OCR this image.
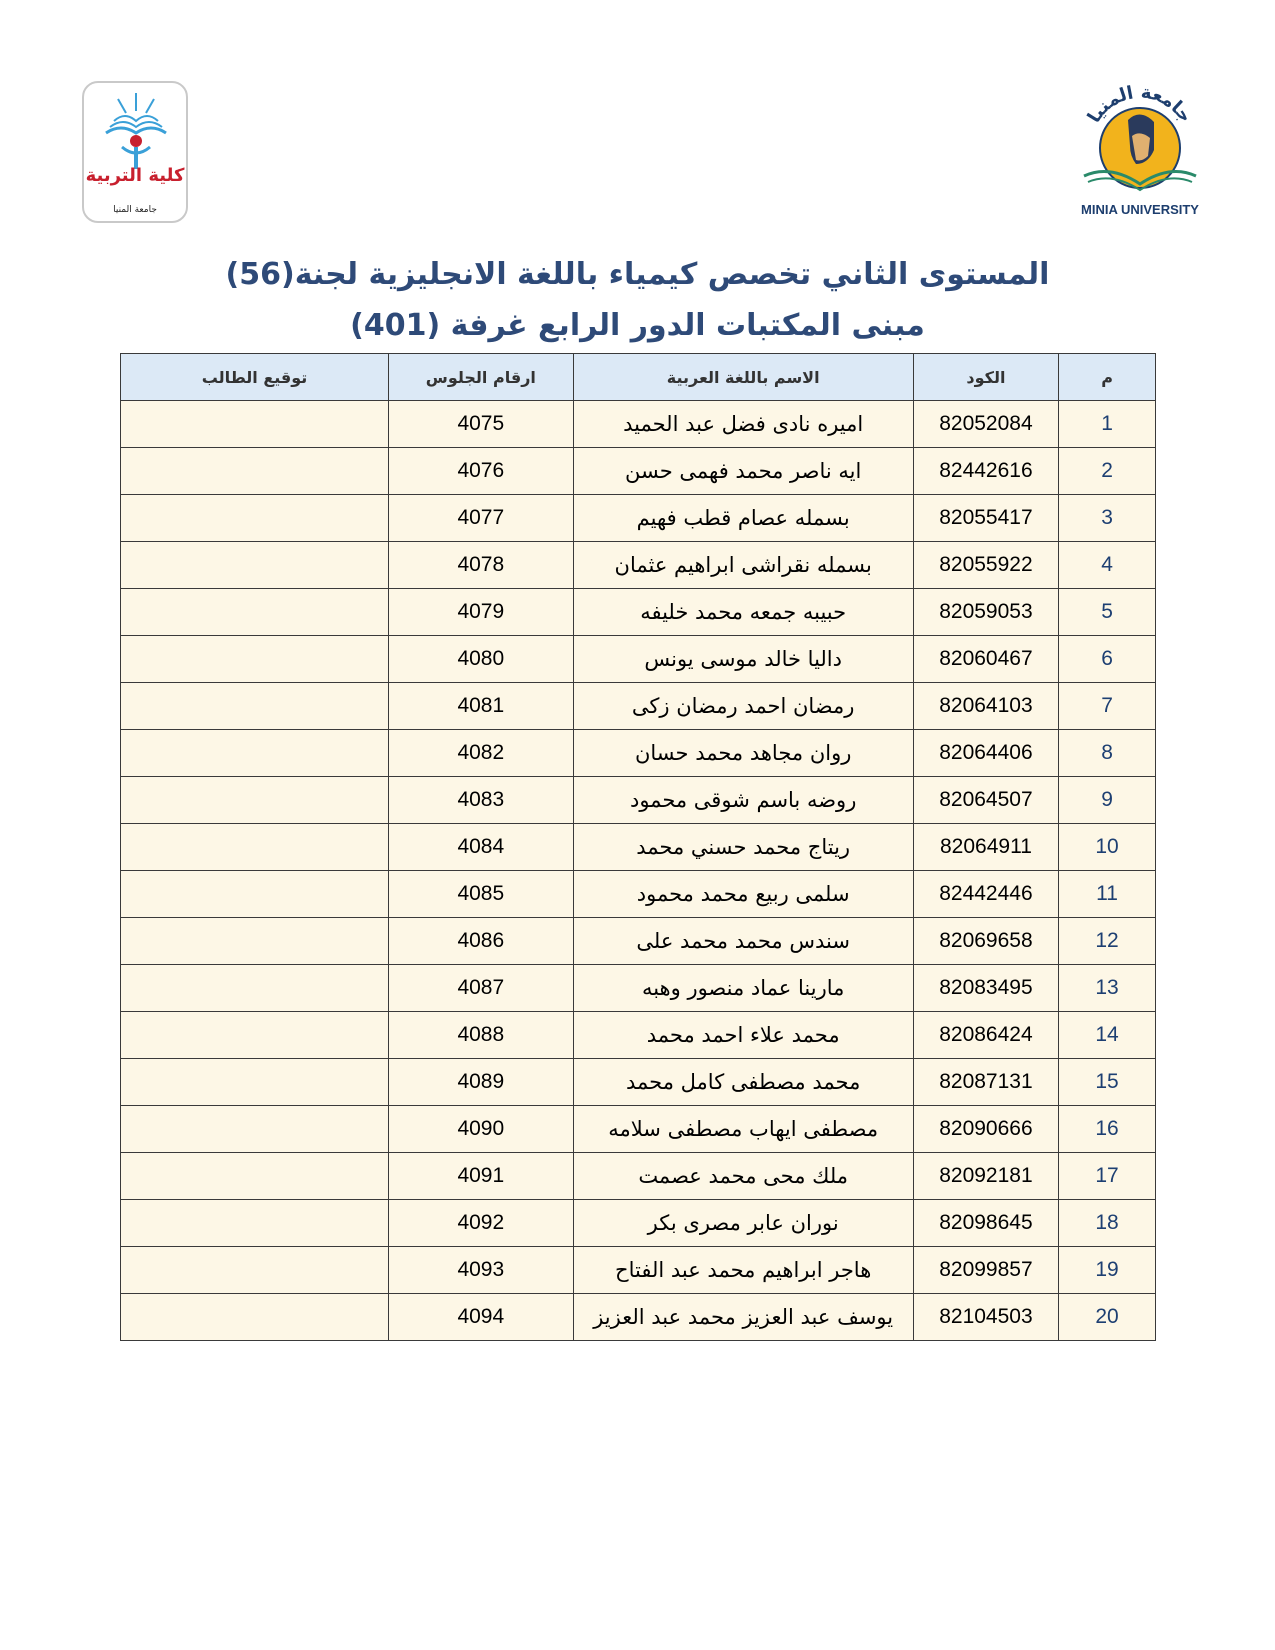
كلية التربية
جامعة المنيا
جامعة المنيا
MINIA UNIVERSITY
المستوى الثاني تخصص كيمياء باللغة الانجليزية لجنة(56)
مبنى المكتبات الدور الرابع غرفة (401)
م	الكود	الاسم باللغة العربية	ارقام الجلوس	توقيع الطالب
1	82052084	اميره نادى فضل عبد الحميد	4075	
2	82442616	ايه ناصر محمد فهمى حسن	4076	
3	82055417	بسمله عصام قطب فهيم	4077	
4	82055922	بسمله نقراشى ابراهيم عثمان	4078	
5	82059053	حبيبه جمعه محمد خليفه	4079	
6	82060467	داليا خالد موسى يونس	4080	
7	82064103	رمضان احمد رمضان زكى	4081	
8	82064406	روان مجاهد محمد حسان	4082	
9	82064507	روضه باسم شوقى محمود	4083	
10	82064911	ريتاج محمد حسني محمد	4084	
11	82442446	سلمى ربيع محمد محمود	4085	
12	82069658	سندس محمد محمد على	4086	
13	82083495	مارينا عماد منصور وهبه	4087	
14	82086424	محمد علاء احمد محمد	4088	
15	82087131	محمد مصطفى كامل محمد	4089	
16	82090666	مصطفى ايهاب مصطفى سلامه	4090	
17	82092181	ملك محى محمد عصمت	4091	
18	82098645	نوران عابر مصرى بكر	4092	
19	82099857	هاجر ابراهيم محمد عبد الفتاح	4093	
20	82104503	يوسف عبد العزيز محمد عبد العزيز	4094	
